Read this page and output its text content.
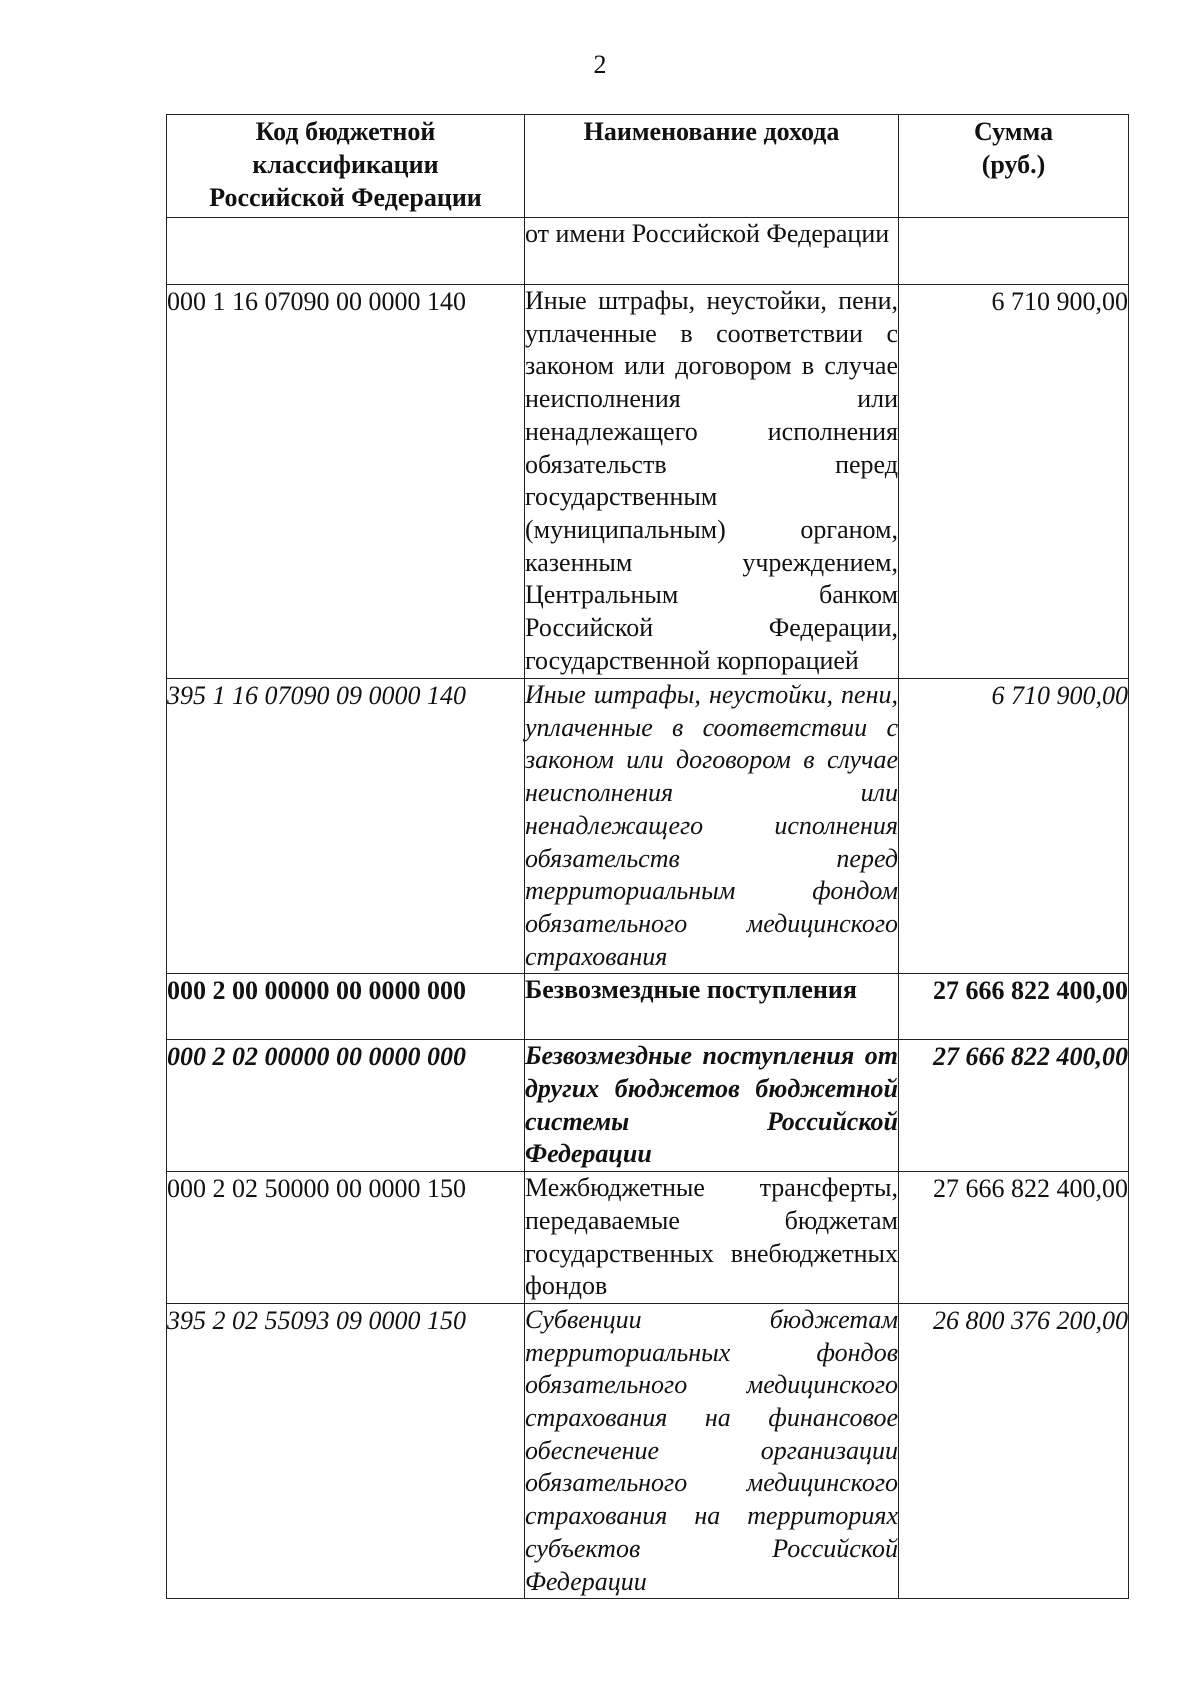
2
Код бюджетной классификации Российской Федерации	Наименование дохода	Сумма (руб.)
	от имени Российской Федерации	
000 1 16 07090 00 0000 140	Иные штрафы, неустойки, пени, уплаченные в соответствии с законом или договором в случае неисполнения или ненадлежащего исполнения обязательств перед государственным (муниципальным) органом, казенным учреждением, Центральным банком Российской Федерации, государственной корпорацией	6 710 900,00
395 1 16 07090 09 0000 140	Иные штрафы, неустойки, пени, уплаченные в соответствии с законом или договором в случае неисполнения или ненадлежащего исполнения обязательств перед территориальным фондом обязательного медицинского страхования	6 710 900,00
000 2 00 00000 00 0000 000	Безвозмездные поступления	27 666 822 400,00
000 2 02 00000 00 0000 000	Безвозмездные поступления от других бюджетов бюджетной системы Российской Федерации	27 666 822 400,00
000 2 02 50000 00 0000 150	Межбюджетные трансферты, передаваемые бюджетам государственных внебюджетных фондов	27 666 822 400,00
395 2 02 55093 09 0000 150	Субвенции бюджетам территориальных фондов обязательного медицинского страхования на финансовое обеспечение организации обязательного медицинского страхования на территориях субъектов Российской Федерации	26 800 376 200,00
